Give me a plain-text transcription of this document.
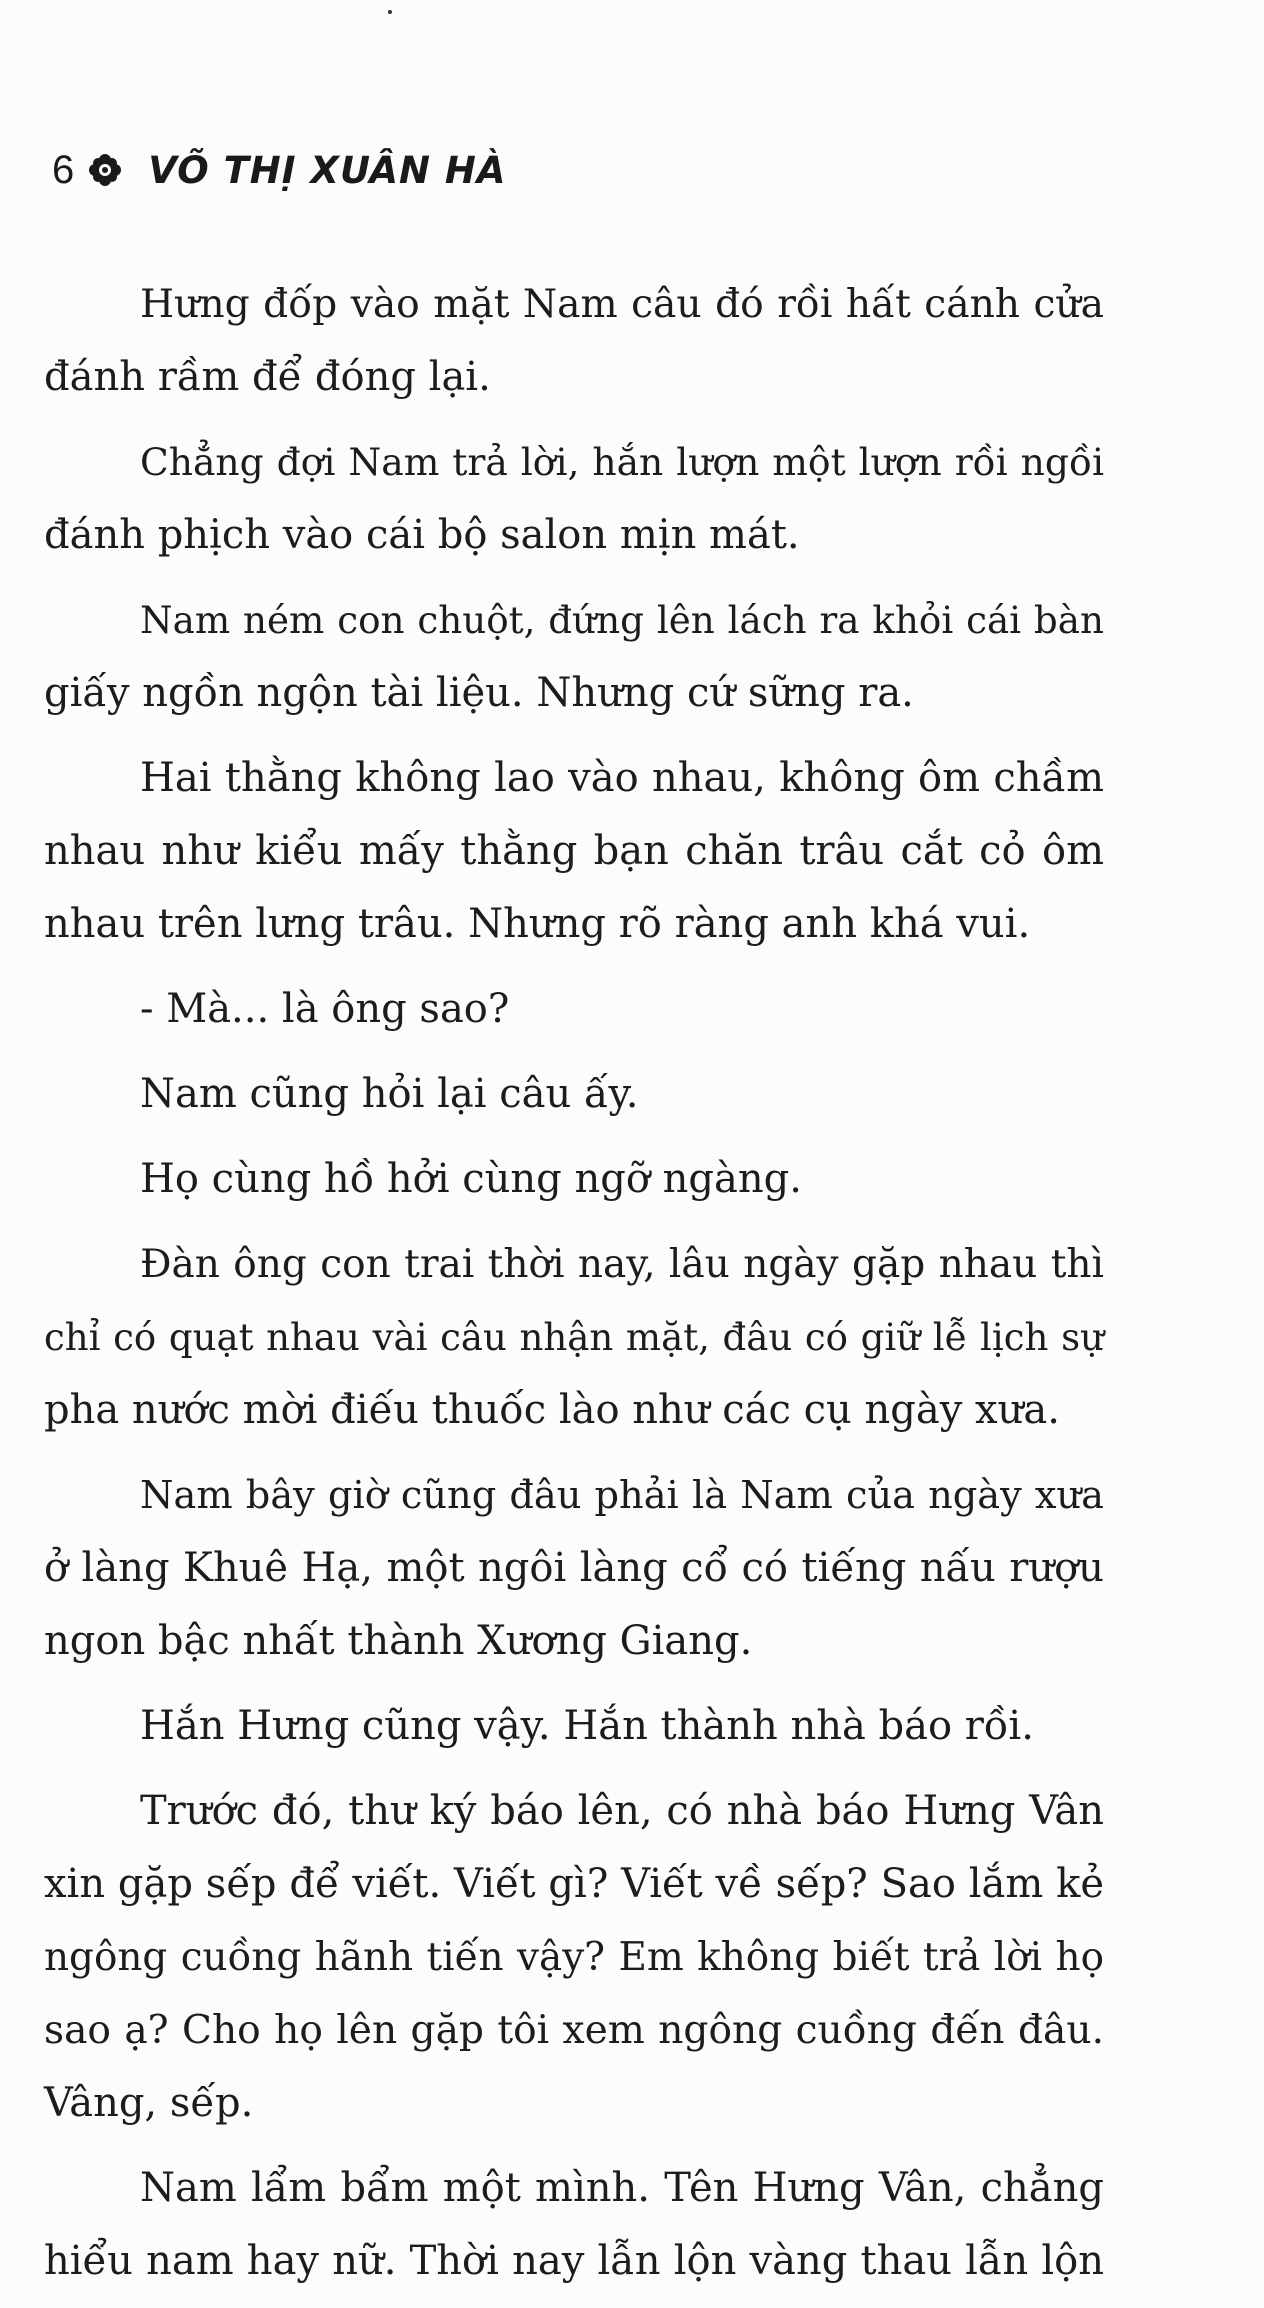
6 VÕ THỊ XUÂN HÀ

Hưng đốp vào mặt Nam câu đó rồi hất cánh cửa
đánh rầm để đóng lại.

Chẳng đợi Nam trả lời, hắn lượn một lượn rồi ngồi
đánh phịch vào cái bộ salon mịn mát.

Nam ném con chuột, đứng lên lách ra khỏi cái bàn
giấy ngồn ngộn tài liệu. Nhưng cứ sững ra.

Hai thằng không lao vào nhau, không ôm chầm
nhau như kiểu mấy thằng bạn chăn trâu cắt cỏ ôm
nhau trên lưng trâu. Nhưng rõ ràng anh khá vui.

- Mà... là ông sao?

Nam cũng hỏi lại câu ấy.

Họ cùng hồ hởi cùng ngỡ ngàng.

Đàn ông con trai thời nay, lâu ngày gặp nhau thì
chỉ có quạt nhau vài câu nhận mặt, đâu có giữ lễ lịch sự
pha nước mời điếu thuốc lào như các cụ ngày xưa.

Nam bây giờ cũng đâu phải là Nam của ngày xưa
ở làng Khuê Hạ, một ngôi làng cổ có tiếng nấu rượu
ngon bậc nhất thành Xương Giang.

Hắn Hưng cũng vậy. Hắn thành nhà báo rồi.

Trước đó, thư ký báo lên, có nhà báo Hưng Vân
xin gặp sếp để viết. Viết gì? Viết về sếp? Sao lắm kẻ
ngông cuồng hãnh tiến vậy? Em không biết trả lời họ
sao ạ? Cho họ lên gặp tôi xem ngông cuồng đến đâu.
Vâng, sếp.

Nam lẩm bẩm một mình. Tên Hưng Vân, chẳng
hiểu nam hay nữ. Thời nay lẫn lộn vàng thau lẫn lộn
